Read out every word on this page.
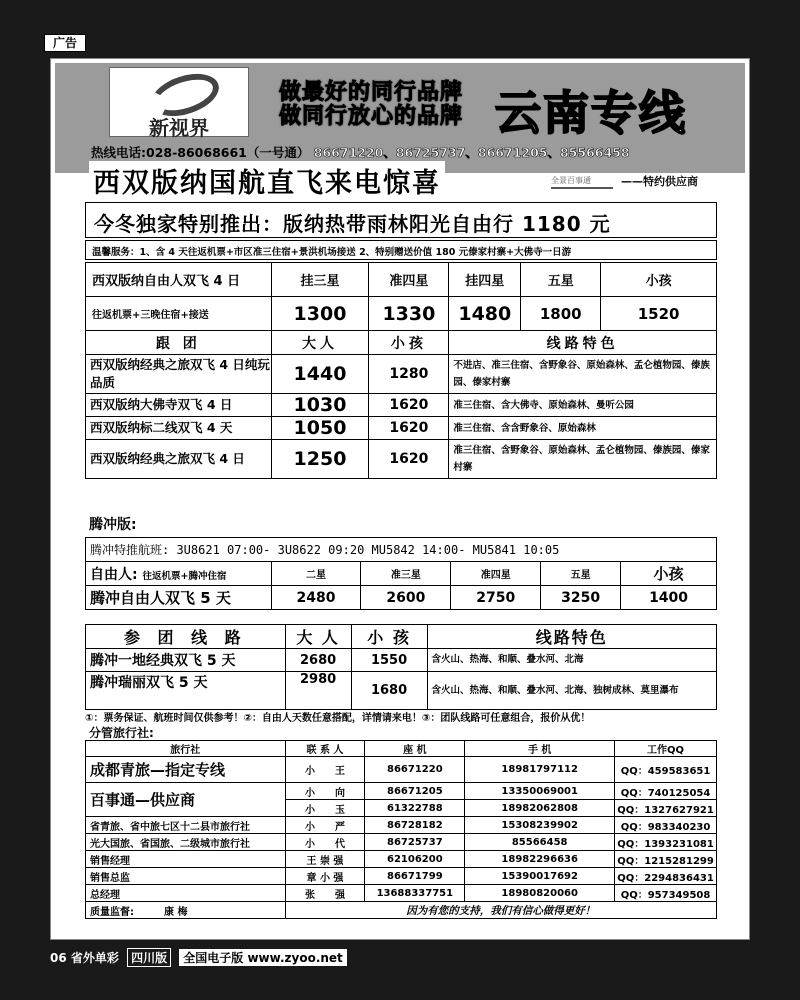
广告
新视界
做最好的同行品牌
做同行放心的品牌 云南专线
热线电话:028-86068661（一号通） 86671220、86725737、86671205、85566458
西双版纳国航直飞来电惊喜	全景百事通	——特约供应商
今冬独家特别推出：版纳热带雨林阳光自由行 1180 元
温馨服务：1、含 4 天往返机票+市区准三住宿+景洪机场接送 2、特别赠送价值 180 元傣家村寨+大佛寺一日游
西双版纳自由人双飞 4 日	挂三星	准四星	挂四星	五星	小孩
往返机票+三晚住宿+接送	1300	1330	1480	1800	1520
跟 团	大人	小孩	线路特色		
西双版纳经典之旅双飞 4 日纯玩品质	1440	1280	不进店、准三住宿、含野象谷、原始森林、孟仑植物园、傣族园、傣家村寨		
西双版纳大佛寺双飞 4 日	1030	1620	准三住宿、含大佛寺、原始森林、曼听公园		
西双版纳标二线双飞 4 天	1050	1620	准三住宿、含含野象谷、原始森林		
西双版纳经典之旅双飞 4 日	1250	1620	准三住宿、含野象谷、原始森林、孟仑植物园、傣族园、傣家村寨		
腾冲版:
腾冲特推航班: 3U8621 07:00- 3U8622 09:20 MU5842 14:00- MU5841 10:05					
自由人: 往返机票+腾冲住宿	二星	准三星	准四星	五星	小孩
腾冲自由人双飞 5 天	2480	2600	2750	3250	1400
参 团 线 路	大 人	小 孩	线路特色
腾冲一地经典双飞 5 天	2680	1550	含火山、热海、和顺、叠水河、北海
腾冲瑞丽双飞 5 天	2980	1680	含火山、热海、和顺、叠水河、北海、独树成林、莫里瀑布
①：票务保证、航班时间仅供参考！②：自由人天数任意搭配，详情请来电！③：团队线路可任意组合，报价从优！
分管旅行社:
旅行社	联 系 人	座 机	手 机	工作QQ
成都青旅—指定专线	小　　王	86671220	18981797112	QQ：459583651
百事通—供应商	小　　向	86671205	13350069001	QQ：740125054
	小　　玉	61322788	18982062808	QQ：1327627921
省青旅、省中旅七区十二县市旅行社	小　　严	86728182	15308239902	QQ：983340230
光大国旅、省国旅、二级城市旅行社	小　　代	86725737	85566458	QQ：1393231081
销售经理	王 崇 强	62106200	18982296636	QQ：1215281299
销售总监	章 小 强	86671799	15390017692	QQ：2294836431
总经理	张　　强	13688337751	18980820060	QQ：957349508
质量监督:　　　 康 梅	因为有您的支持，我们有信心做得更好！			
06 省外单彩 四川版 全国电子版 www.zyoo.net
